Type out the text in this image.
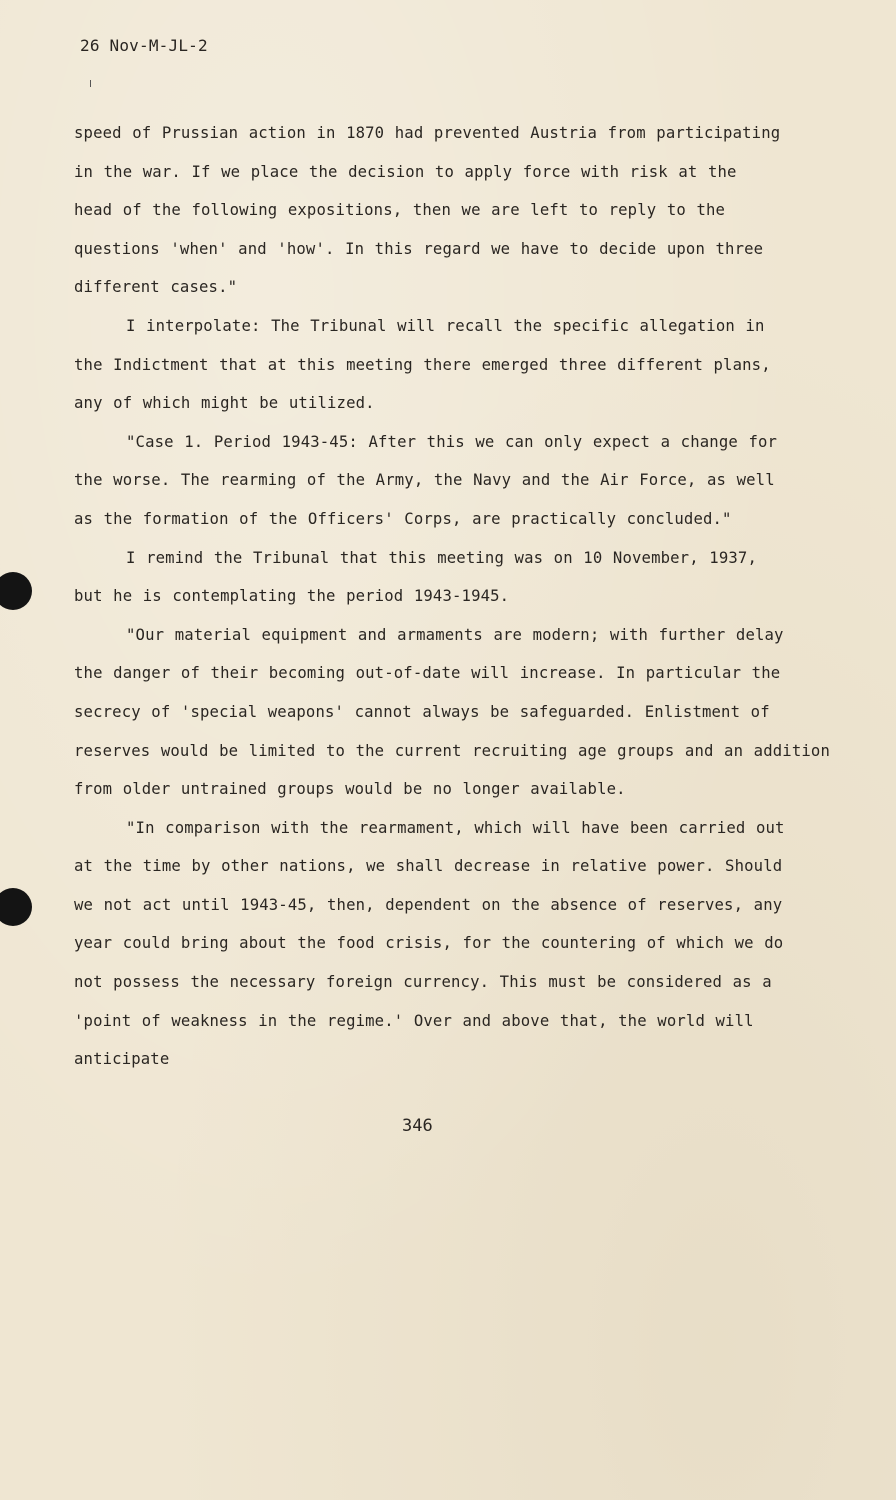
26 Nov-M-JL-2
speed of Prussian action in 1870 had prevented Austria from participating
in the war. If we place the decision to apply force with risk at the
head of the following expositions, then we are left to reply to the
questions 'when' and 'how'. In this regard we have to decide upon three
different cases."
I interpolate: The Tribunal will recall the specific allegation in
the Indictment that at this meeting there emerged three different plans,
any of which might be utilized.
"Case 1. Period 1943-45: After this we can only expect a change for
the worse. The rearming of the Army, the Navy and the Air Force, as well
as the formation of the Officers' Corps, are practically concluded."
I remind the Tribunal that this meeting was on 10 November, 1937,
but he is contemplating the period 1943-1945.
"Our material equipment and armaments are modern; with further delay
the danger of their becoming out-of-date will increase. In particular the
secrecy of 'special weapons' cannot always be safeguarded. Enlistment of
reserves would be limited to the current recruiting age groups and an addition
from older untrained groups would be no longer available.
"In comparison with the rearmament, which will have been carried out
at the time by other nations, we shall decrease in relative power. Should
we not act until 1943-45, then, dependent on the absence of reserves, any
year could bring about the food crisis, for the countering of which we do
not possess the necessary foreign currency. This must be considered as a
'point of weakness in the regime.' Over and above that, the world will
anticipate
346
